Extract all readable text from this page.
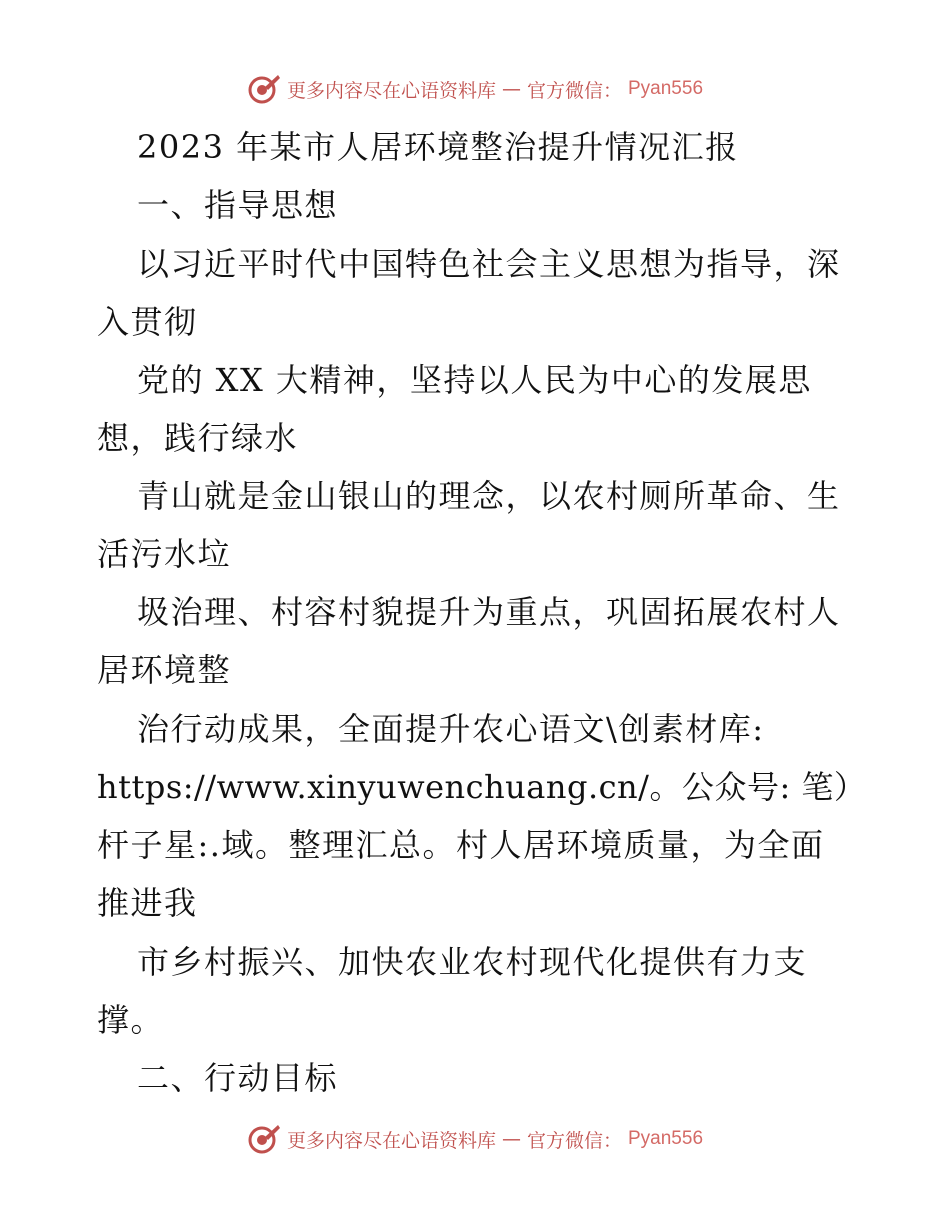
更多内容尽在心语资料库 — 官方微信： Pyan556
2023 年某市人居环境整治提升情况汇报
一、指导思想
以习近平时代中国特色社会主义思想为指导，深
入贯彻
党的 XX 大精神，坚持以人民为中心的发展思
想，践行绿水
青山就是金山银山的理念，以农村厕所革命、生
活污水垃
圾治理、村容村貌提升为重点，巩固拓展农村人
居环境整
治行动成果，全面提升农心语文\创素材库:
https://www.xinyuwenchuang.cn/。公众号: 笔）
杆子星:.域。整理汇总。村人居环境质量，为全面
推进我
市乡村振兴、加快农业农村现代化提供有力支
撑。
二、行动目标
更多内容尽在心语资料库 — 官方微信： Pyan556
